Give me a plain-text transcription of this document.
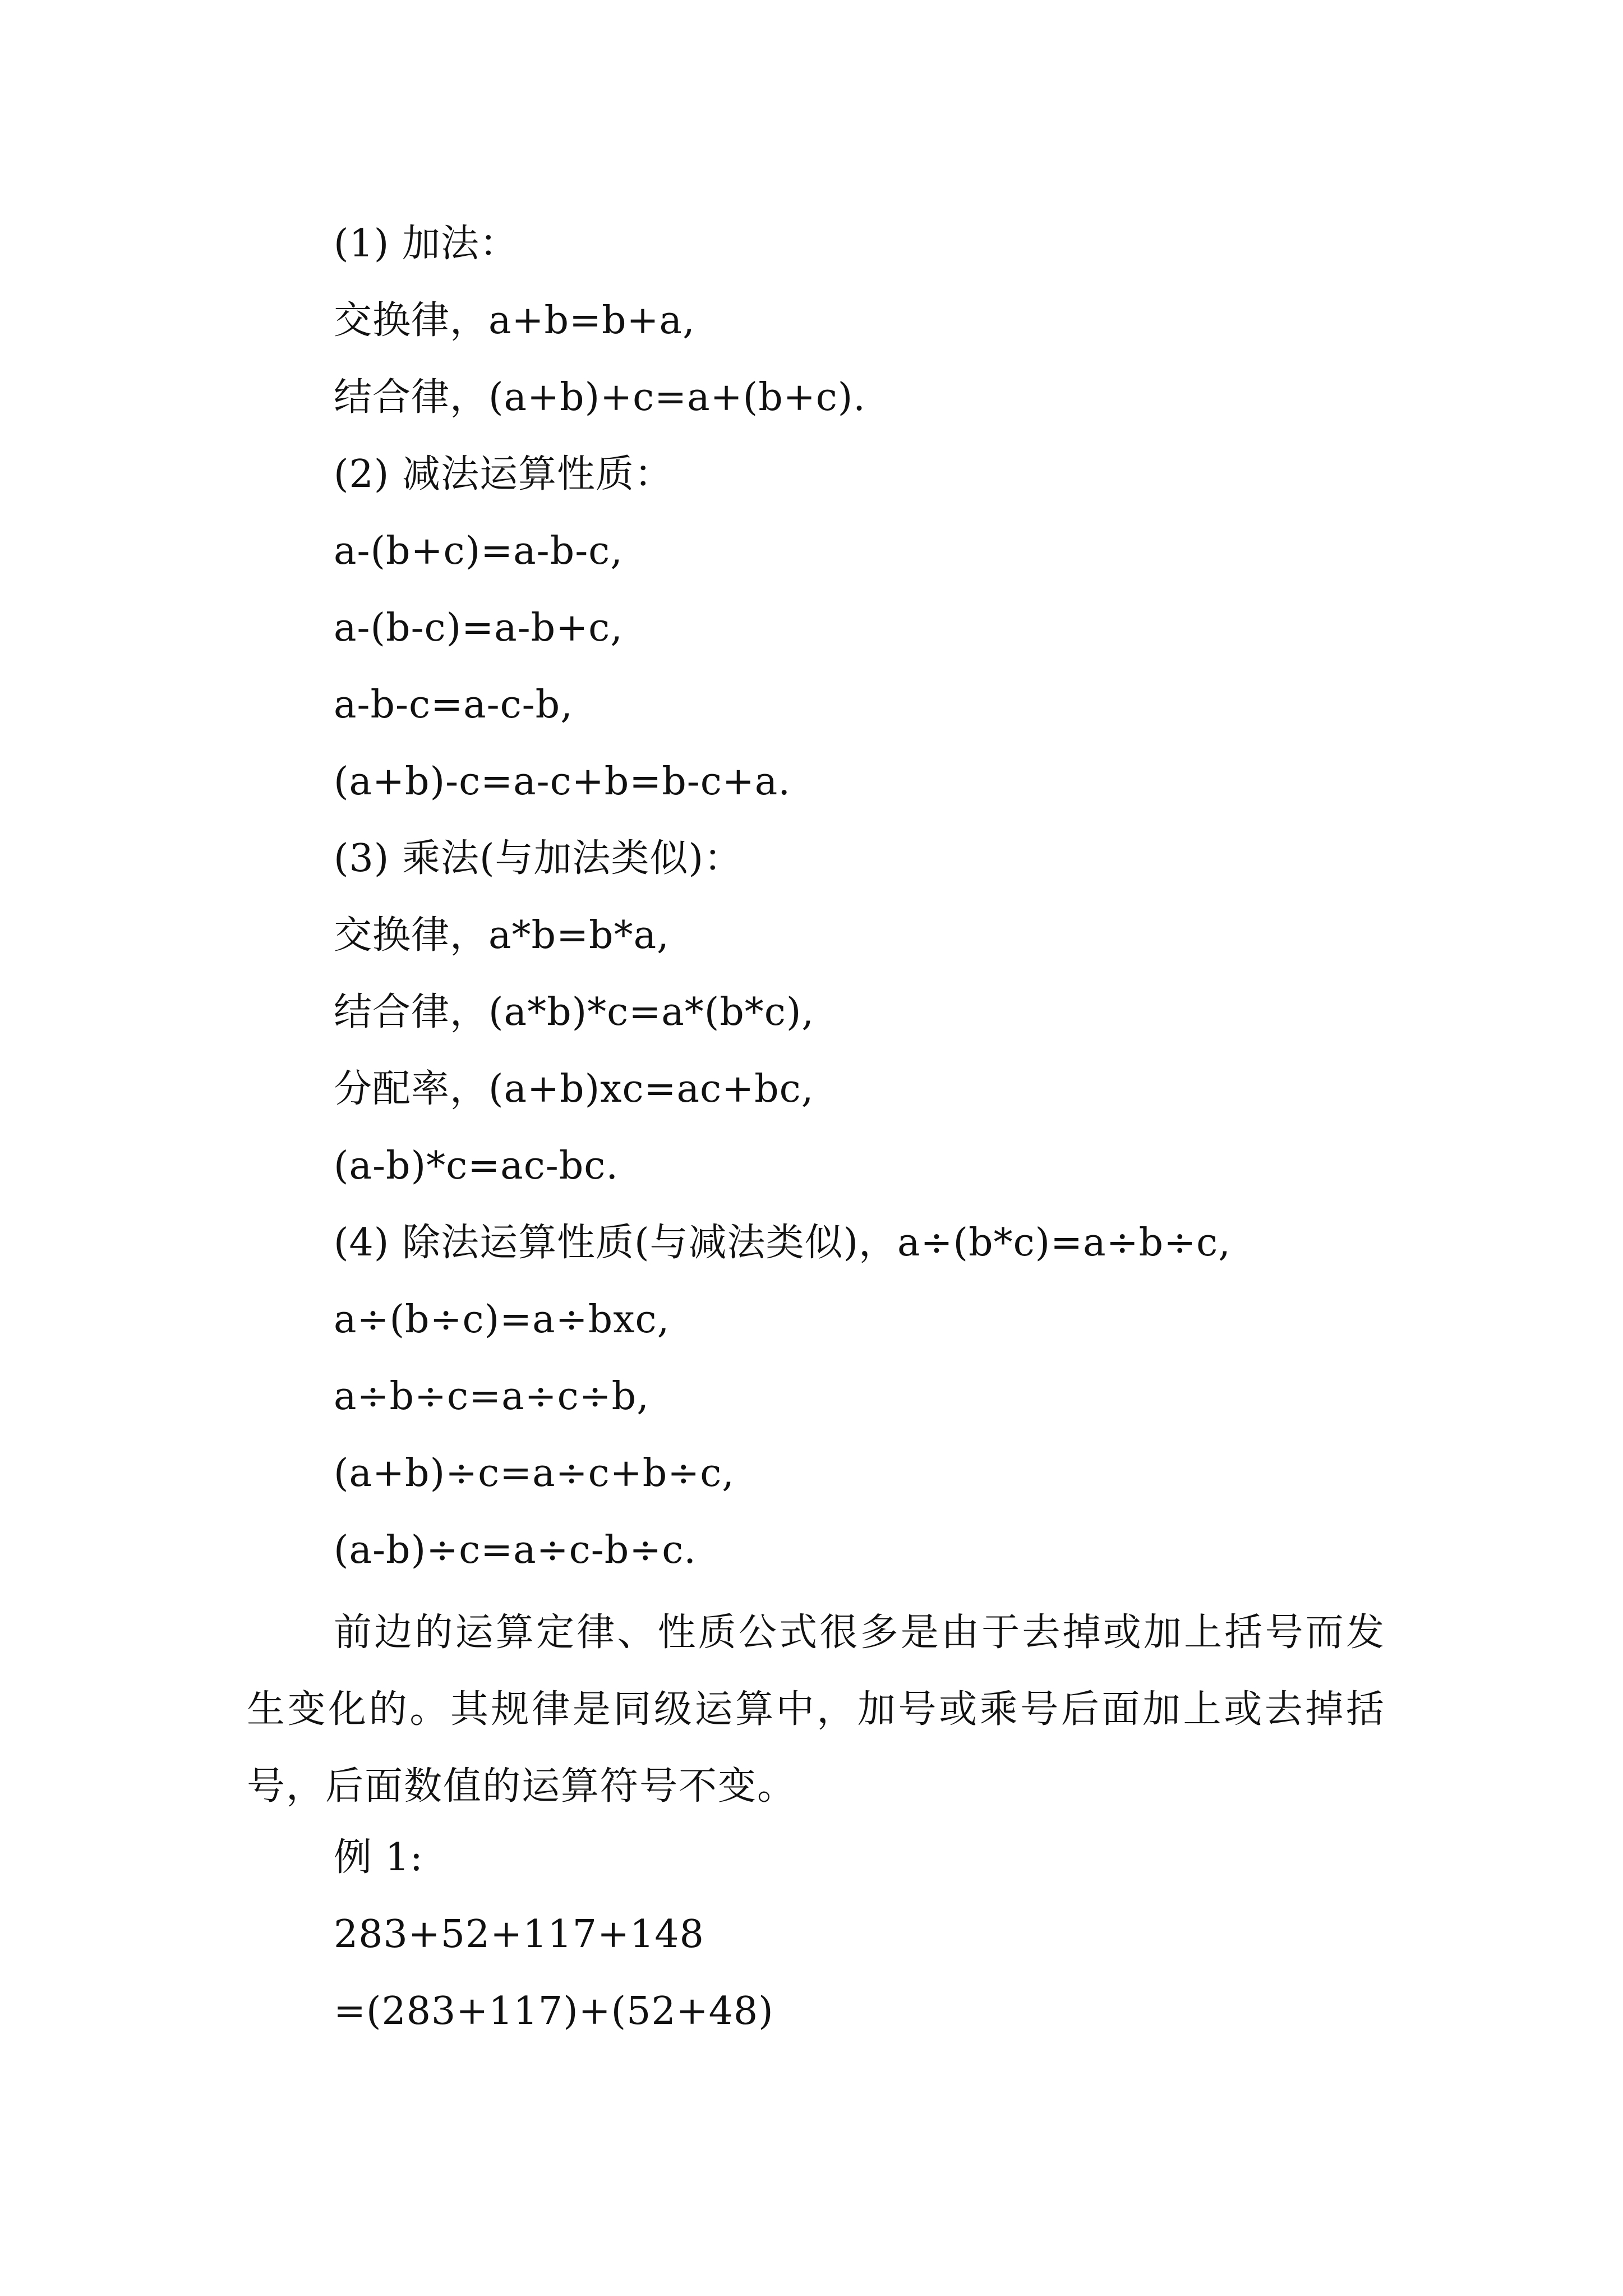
(1) 加法：
交换律，a+b=b+a,
结合律，(a+b)+c=a+(b+c).
(2) 减法运算性质：
a-(b+c)=a-b-c,
a-(b-c)=a-b+c,
a-b-c=a-c-b,
(a+b)-c=a-c+b=b-c+a.
(3) 乘法(与加法类似)：
交换律，a*b=b*a,
结合律，(a*b)*c=a*(b*c),
分配率，(a+b)xc=ac+bc,
(a-b)*c=ac-bc.
(4) 除法运算性质(与减法类似)，a÷(b*c)=a÷b÷c,
a÷(b÷c)=a÷bxc,
a÷b÷c=a÷c÷b,
(a+b)÷c=a÷c+b÷c,
(a-b)÷c=a÷c-b÷c.
前边的运算定律、性质公式很多是由于去掉或加上括号而发生变化的。其规律是同级运算中，加号或乘号后面加上或去掉括号，后面数值的运算符号不变。
例 1:
283+52+117+148
=(283+117)+(52+48)
